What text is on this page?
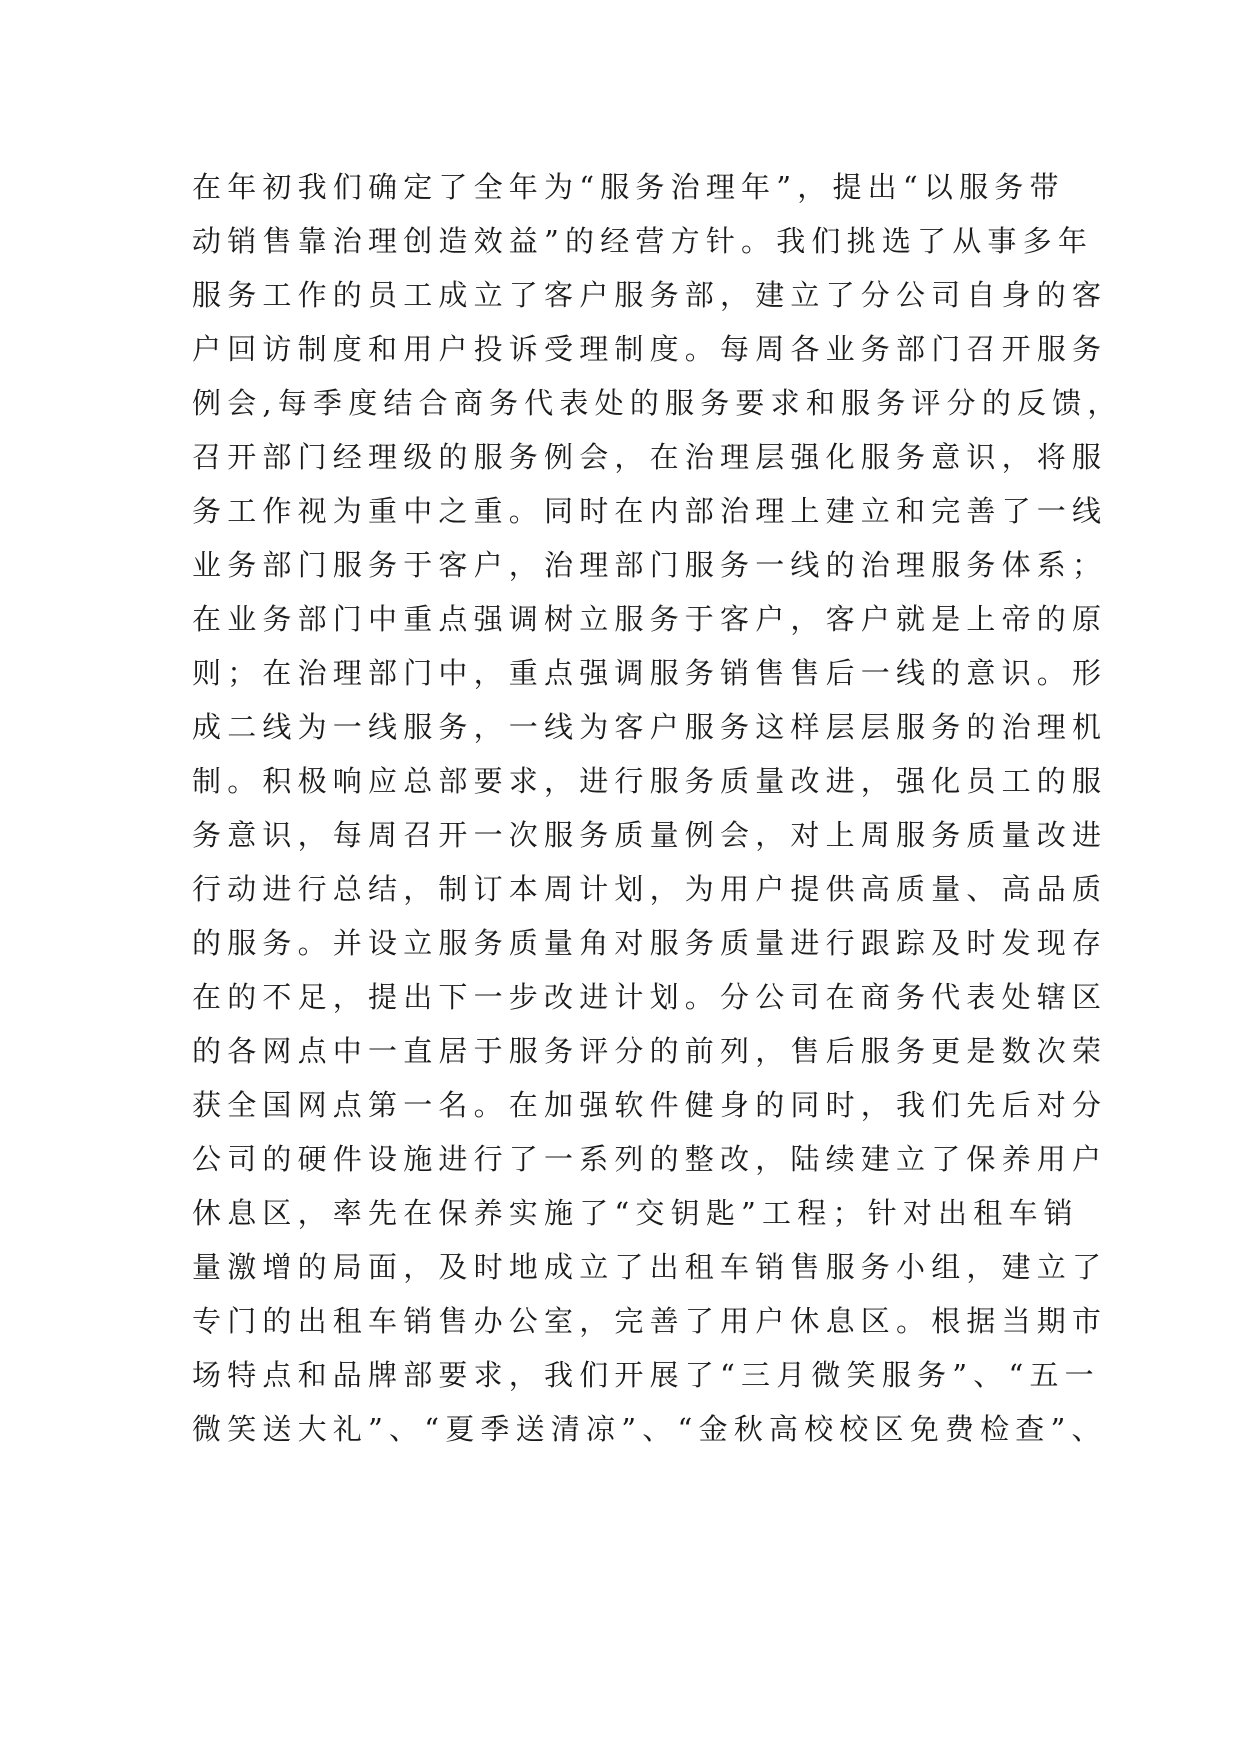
在年初我们确定了全年为“服务治理年”，提出“以服务带
动销售靠治理创造效益”的经营方针。我们挑选了从事多年
服务工作的员工成立了客户服务部，建立了分公司自身的客
户回访制度和用户投诉受理制度。每周各业务部门召开服务
例会,每季度结合商务代表处的服务要求和服务评分的反馈，
召开部门经理级的服务例会，在治理层强化服务意识，将服
务工作视为重中之重。同时在内部治理上建立和完善了一线
业务部门服务于客户，治理部门服务一线的治理服务体系；
在业务部门中重点强调树立服务于客户，客户就是上帝的原
则；在治理部门中，重点强调服务销售售后一线的意识。形
成二线为一线服务，一线为客户服务这样层层服务的治理机
制。积极响应总部要求，进行服务质量改进，强化员工的服
务意识，每周召开一次服务质量例会，对上周服务质量改进
行动进行总结，制订本周计划，为用户提供高质量、高品质
的服务。并设立服务质量角对服务质量进行跟踪及时发现存
在的不足，提出下一步改进计划。分公司在商务代表处辖区
的各网点中一直居于服务评分的前列，售后服务更是数次荣
获全国网点第一名。在加强软件健身的同时，我们先后对分
公司的硬件设施进行了一系列的整改，陆续建立了保养用户
休息区，率先在保养实施了“交钥匙”工程；针对出租车销
量激增的局面，及时地成立了出租车销售服务小组，建立了
专门的出租车销售办公室，完善了用户休息区。根据当期市
场特点和品牌部要求，我们开展了“三月微笑服务”、“五一
微笑送大礼”、“夏季送清凉”、“金秋高校校区免费检查”、
